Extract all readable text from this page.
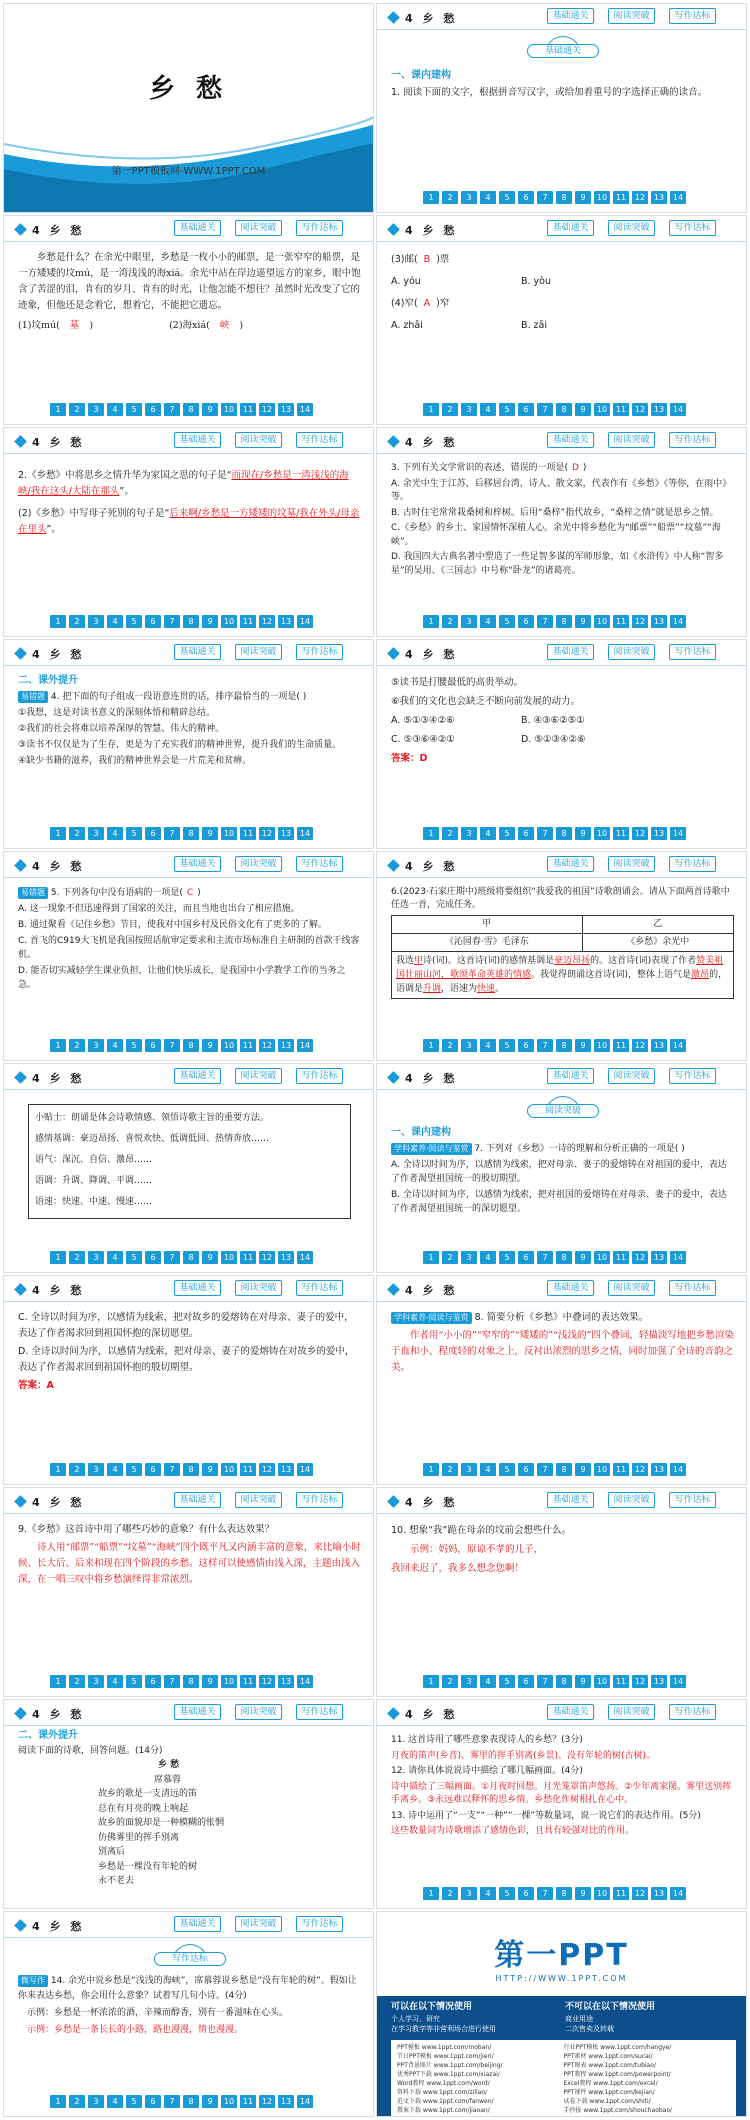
乡 愁
第一PPT模板网-WWW.1PPT.COM
4 乡 愁	基础通关	阅读突破	写作达标
基础通关

一、课内建构

1. 阅读下面的文字，根据拼音写汉字，或给加着重号的字选择正确的读音。

1	2	3	4	5	6	7	8	9	10	11	12	13	14
4 乡 愁	基础通关	阅读突破	写作达标

乡愁是什么？在余光中眼里，乡愁是一枚小小的邮票，是一张窄窄的船票，是一方矮矮的坟mú，是一湾浅浅的海xiá。余光中站在岸边遥望远方的家乡，眼中饱含了苦涩的泪，肯有的岁月、肯有的时光，让他怎能不想往？虽然时光改变了它的迹象，但他还是念着它，想着它，不能把它遗忘。

(1)坟mú( 墓 )	(2)海xiá( 峡 )

1	2	3	4	5	6	7	8	9	10	11	12	13	14
4 乡 愁	基础通关	阅读突破	写作达标

(3)邮( B )票

A. yóu	B. yòu

(4)窄( A )窄

A. zhǎi	B. zāi

1	2	3	4	5	6	7	8	9	10	11	12	13	14
4 乡 愁	基础通关	阅读突破	写作达标

2.《乡愁》中将思乡之情升华为家国之思的句子是“而现在/乡愁是一湾浅浅的海峡/我在这头/大陆在那头”。

(2)《乡愁》中写母子死别的句子是“后来啊/乡愁是一方矮矮的坟墓/我在外头/母亲在里头”。

1	2	3	4	5	6	7	8	9	10	11	12	13	14
4 乡 愁	基础通关	阅读突破	写作达标

3. 下列有关文学常识的表述，错误的一项是( D )

A. 余光中生于江苏，后移居台湾，诗人、散文家，代表作有《乡愁》《等你，在雨中》等。

B. 古时住宅常常栽桑树和梓树。后用“桑梓”指代故乡，“桑梓之情”就是思乡之情。

C.《乡愁》的乡土、家国情怀深植人心。余光中将乡愁化为“邮票”“船票”“坟墓”“海峡”。

D. 我国四大古典名著中塑造了一些足智多谋的军师形象，如《水浒传》中人称“智多星”的吴用、《三国志》中号称“卧龙”的诸葛亮。

1	2	3	4	5	6	7	8	9	10	11	12	13	14
4 乡 愁	基础通关	阅读突破	写作达标

二、课外提升

易错题 4. 把下面的句子组成一段语意连贯的话，排序最恰当的一项是( )

①我想，这是对读书意义的深刻体悟和精辟总结。

②我们的社会将难以培养深厚的智慧、伟大的精神。

③读书不仅仅是为了生存，更是为了充实我们的精神世界，提升我们的生命质量。

④缺少书籍的滋养，我们的精神世界会是一片荒芜和贫瘠。

1	2	3	4	5	6	7	8	9	10	11	12	13	14
4 乡 愁	基础通关	阅读突破	写作达标

⑤读书是打腰最低的高贵举动。

⑥我们的文化也会缺乏不断向前发展的动力。

A. ⑤①③④②⑥	B. ④③⑥②⑤①

C. ⑤③⑥④②①	D. ⑤①③④②⑥

答案：D

1	2	3	4	5	6	7	8	9	10	11	12	13	14
4 乡 愁	基础通关	阅读突破	写作达标

易错题 5. 下列各句中没有语病的一项是( C )

A. 这一现象不但迅速得到了国家的关注，而且当地也出台了相应措施。

B. 通过聚看《记住乡愁》节目，使我对中国乡村及民俗文化有了更多的了解。

C. 首飞的C919大飞机是我国按照话航审定要求和主流市场标准自主研制的首款干线客机。

D. 能否切实减轻学生课业负担，让他们快乐成长，是我国中小学教学工作的当务之急。

1	2	3	4	5	6	7	8	9	10	11	12	13	14
4 乡 愁	基础通关	阅读突破	写作达标

6.(2023·石家庄期中)班级将要组织“我爱我的祖国”诗歌朗诵会。请从下面两首诗歌中任选一首，完成任务。

甲	乙
《沁园春·雪》毛泽东	《乡愁》余光中
我选甲诗(词)。这首诗(词)的感情基调是豪迈昂扬的。这首诗(词)表现了作者赞美祖国壮丽山河，歌颂革命英雄的情感。我觉得朗诵这首诗(词)，整体上语气是激昂的，语调是升调，语速为快速。	
1	2	3	4	5	6	7	8	9	10	11	12	13	14
4 乡 愁	基础通关	阅读突破	写作达标

小贴士：朗诵是体会诗歌情感、领悟诗歌主旨的重要方法。

感情基调：豪迈昂扬、喜悦欢快、低调低回、热情奔放……

语气：深沉、自信、激昂……

语调：升调、降调、平调……

语速：快速、中速、慢速……

1	2	3	4	5	6	7	8	9	10	11	12	13	14
4 乡 愁	基础通关	阅读突破	写作达标
阅读突破

一、课内建构

学科素养·阅读与鉴赏 7. 下列对《乡愁》一诗的理解和分析正确的一项是( )

A. 全诗以时间为序，以感情为线索，把对母亲、妻子的爱熔铸在对祖国的爱中，表达了作者渴望祖国统一的殷切期望。

B. 全诗以时间为序，以感情为线索，把对祖国的爱熔铸在对母亲、妻子的爱中，表达了作者渴望祖国统一的深切愿望。

1	2	3	4	5	6	7	8	9	10	11	12	13	14
4 乡 愁	基础通关	阅读突破	写作达标

C. 全诗以时间为序，以感情为线索，把对故乡的爱熔铸在对母亲、妻子的爱中，表达了作者渴求回到祖国怀抱的深切愿望。

D. 全诗以时间为序，以感情为线索，把对母亲、妻子的爱熔铸在对故乡的爱中，表达了作者渴求回到祖国怀抱的殷切期望。

答案：A

1	2	3	4	5	6	7	8	9	10	11	12	13	14
4 乡 愁	基础通关	阅读突破	写作达标

学科素养·阅读与鉴赏 8. 简要分析《乡愁》中叠词的表达效果。

作者用“小小的”“窄窄的”“矮矮的”“浅浅的”四个叠词，轻描淡写地把乡愁渲染于血和小、程度轻的对象之上，反衬出浓烈的思乡之情，同时加强了全诗的音韵之美。

1	2	3	4	5	6	7	8	9	10	11	12	13	14
4 乡 愁	基础通关	阅读突破	写作达标

9.《乡愁》这首诗中用了哪些巧妙的意象？有什么表达效果？

诗人用“邮票”“船票”“坟墓”“海峡”四个既平凡又内涵丰富的意象，来比喻小时候、长大后、后来和现在四个阶段的乡愁。这样可以使感情由浅入深，主题由浅入深，在一唱三叹中将乡愁演绎得非常浓烈。

1	2	3	4	5	6	7	8	9	10	11	12	13	14
4 乡 愁	基础通关	阅读突破	写作达标

10. 想象“我”跪在母亲的坟前会想些什么。

示例：妈妈，原谅不孝的儿子，

我回来迟了，我多么想念您啊！

1	2	3	4	5	6	7	8	9	10	11	12	13	14
4 乡 愁	基础通关	阅读突破	写作达标

二、课外提升

阅读下面的诗歌，回答问题。(14分)

乡 愁

席慕蓉

故乡的歌是一支清远的笛

总在有月亮的晚上响起

故乡的面貌却是一种模糊的怅惘

仿佛雾里的挥手别离

别离后

乡愁是一棵没有年轮的树

永不老去

4 乡 愁	基础通关	阅读突破	写作达标

11. 这首诗用了哪些意象表现诗人的乡愁？(3分)

月夜的笛声(乡音)、雾里的挥手别离(乡景)、没有年轮的树(古树)。

12. 请你具体说说诗中描绘了哪几幅画面。(4分)

诗中描绘了三幅画面。①月夜时回想。月光笼罩笛声悠扬。②少年离家图。雾里送别挥手离乡。③永远难以释怀的思乡情。乡愁化作树根扎在心中。

13. 诗中运用了“一支”“一种”“一棵”等数量词，说一说它们的表达作用。(5分)

这些数量词为诗歌增添了感情色彩，且具有较强对比的作用。

1	2	3	4	5	6	7	8	9	10	11	12	13	14
4 乡 愁	基础通关	阅读突破	写作达标
写作达标

微写作 14. 余光中说乡愁是“浅浅的海峡”，席慕蓉说乡愁是“没有年轮的树”。假如让你来表达乡愁，你会用什么意象？试着写几句小诗。(4分)

示例：乡愁是一杯浓浓的酒，辛辣而醇香，别有一番滋味在心头。

示例：乡愁是一条长长的小路，路也漫漫，情也漫漫。

1	2	3	4	5	6	7	8	9	10	11	12	13	14
第一PPT
HTTP://WWW.1PPT.COM
可以在以下情况使用
个人学习、研究
在学习教学等非营利场合进行使用
不可以在以下情况使用
商业用途
二次售卖及转载
PPT模板 www.1ppt.com/moban/	行业PPT模板 www.1ppt.com/hangye/
节日PPT模板 www.1ppt.com/jieri/	PPT素材 www.1ppt.com/sucai/
PPT背景图片 www.1ppt.com/beijing/	PPT图表 www.1ppt.com/tubiao/
优秀PPT下载 www.1ppt.com/xiazai/	PPT教程 www.1ppt.com/powerpoint/
Word教程 www.1ppt.com/word/	Excel教程 www.1ppt.com/excel/
资料下载 www.1ppt.com/ziliao/	PPT课件 www.1ppt.com/kejian/
范文下载 www.1ppt.com/fanwen/	试卷下载 www.1ppt.com/shiti/
教案下载 www.1ppt.com/jiaoan/	手抄报 www.1ppt.com/shouchaobao/
